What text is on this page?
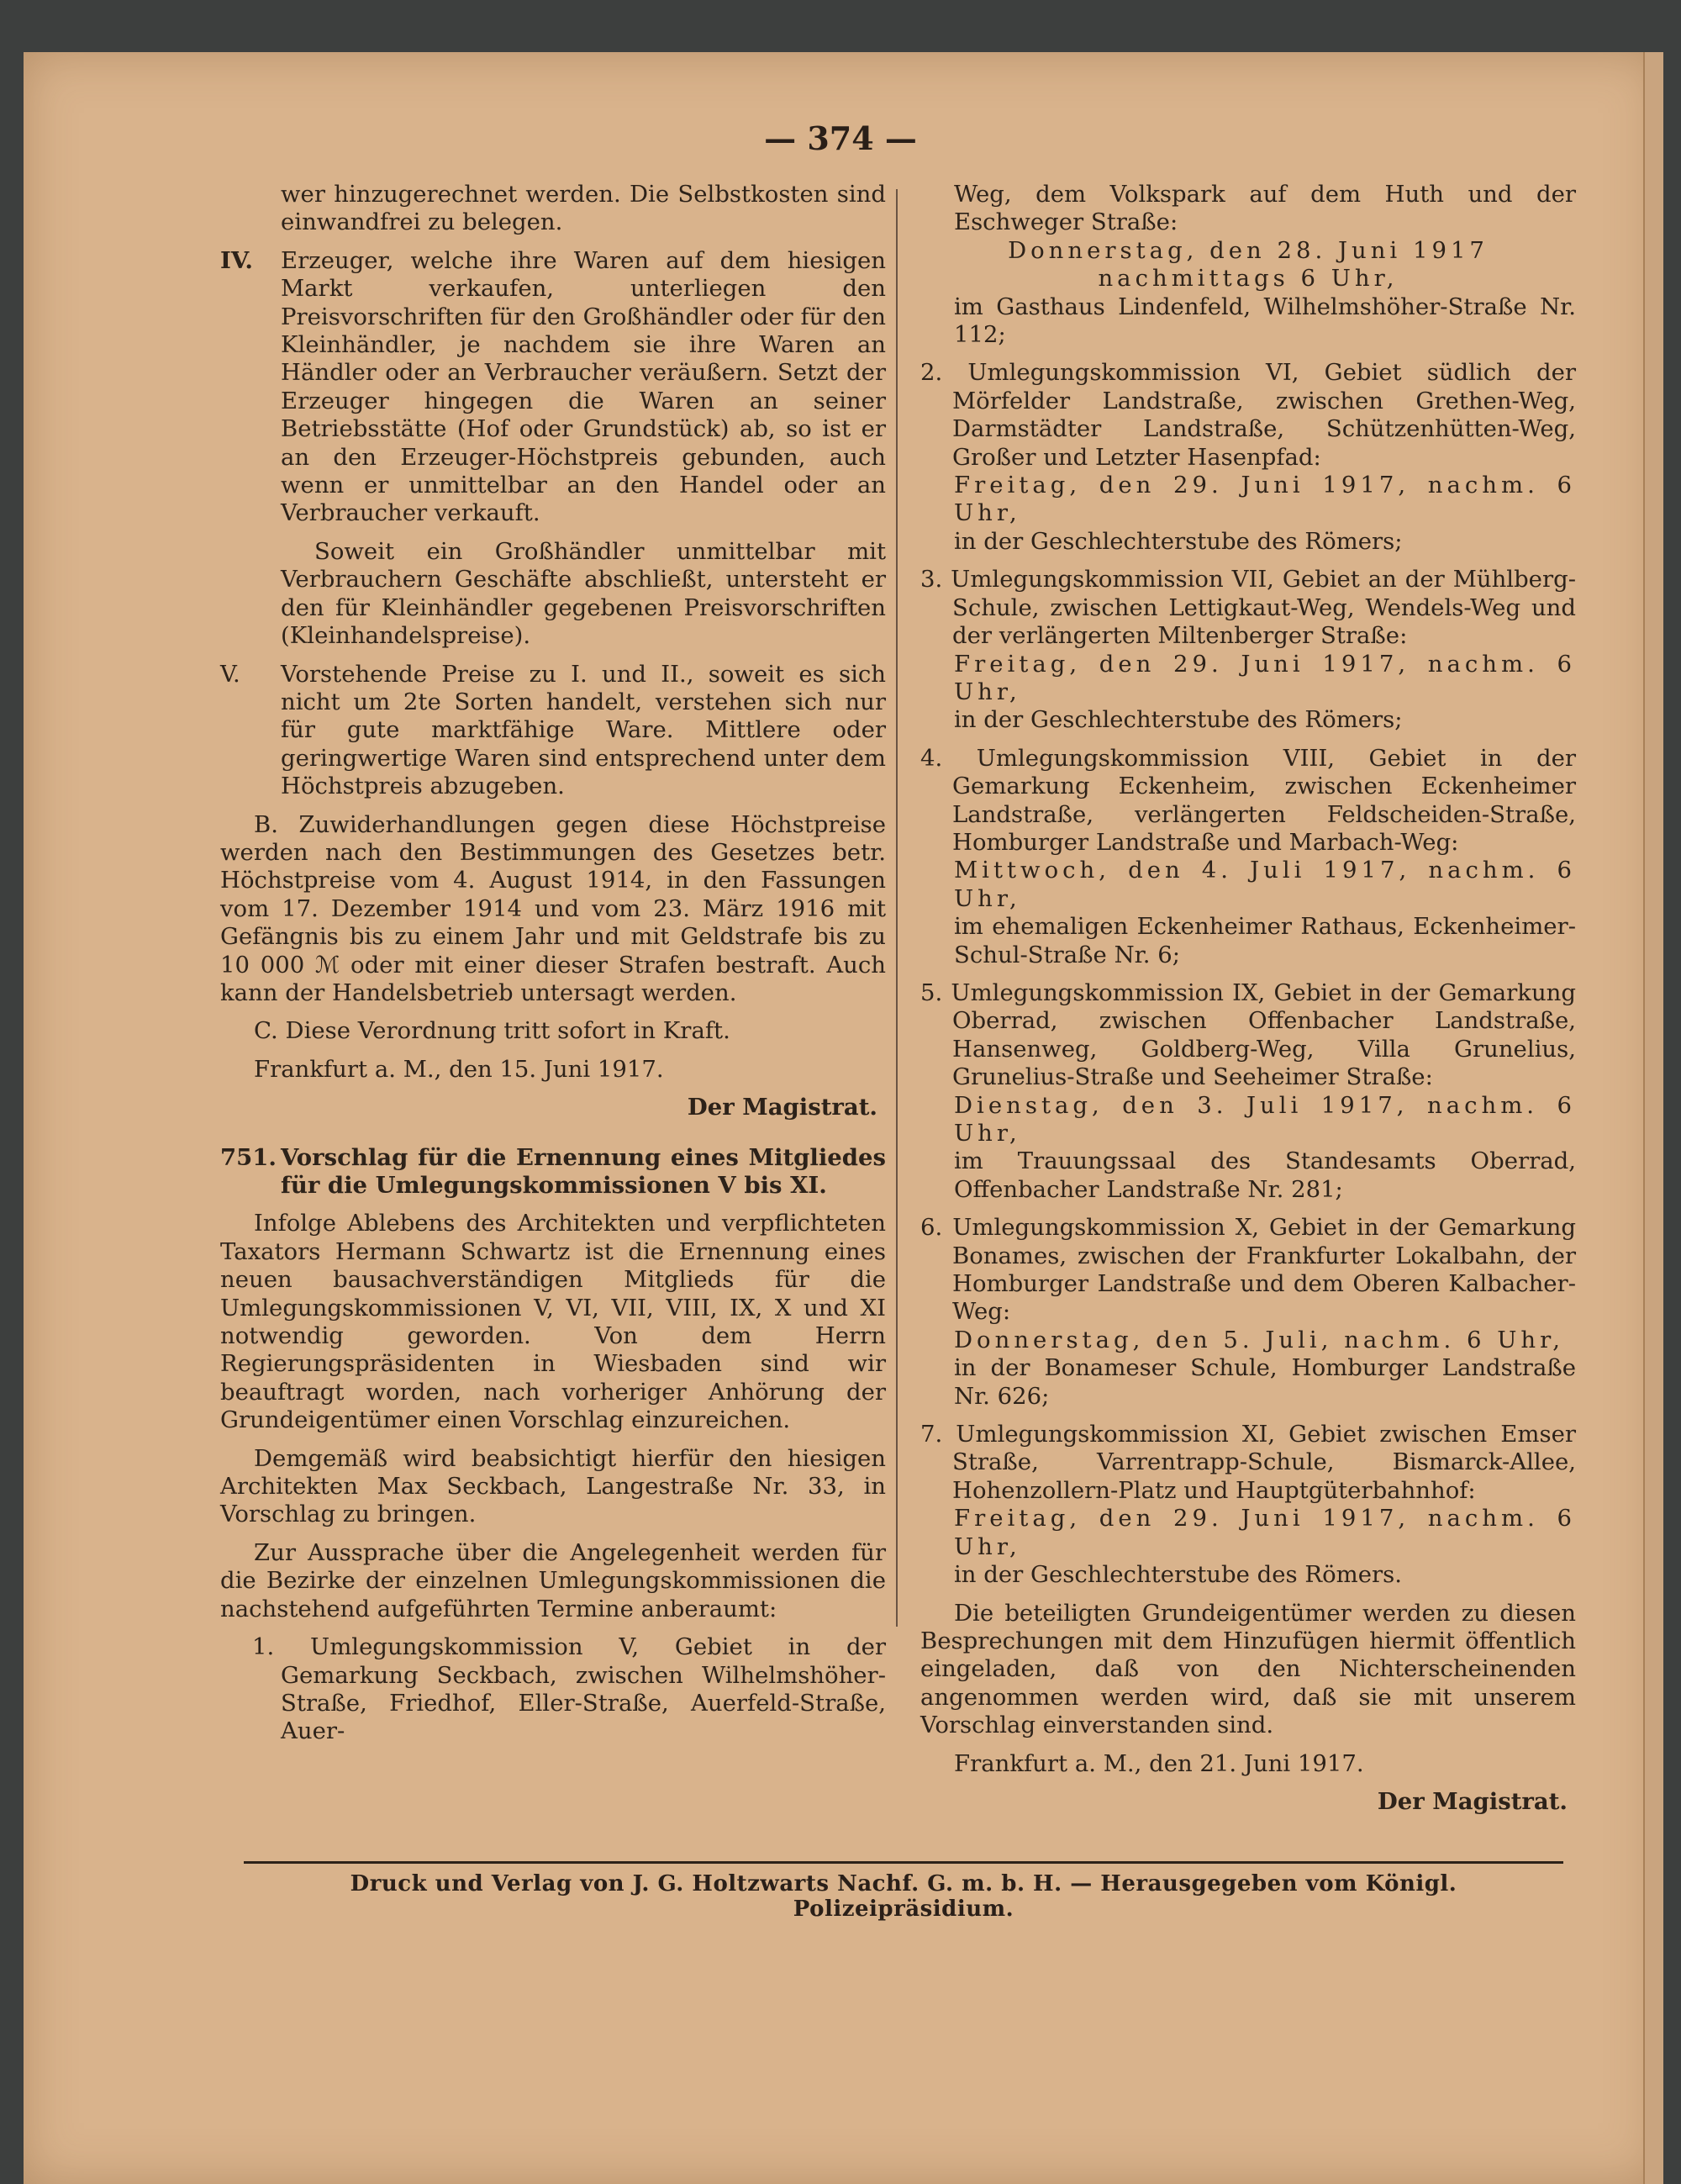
— 374 —

wer hinzugerechnet werden. Die Selbstkosten sind einwandfrei zu belegen.

IV. Erzeuger, welche ihre Waren auf dem hiesigen Markt verkaufen, unterliegen den Preisvorschriften für den Großhändler oder für den Kleinhändler, je nachdem sie ihre Waren an Händler oder an Verbraucher veräußern. Setzt der Erzeuger hingegen die Waren an seiner Betriebsstätte (Hof oder Grundstück) ab, so ist er an den Erzeuger-Höchstpreis gebunden, auch wenn er unmittelbar an den Handel oder an Verbraucher verkauft.

Soweit ein Großhändler unmittelbar mit Verbrauchern Geschäfte abschließt, untersteht er den für Kleinhändler gegebenen Preisvorschriften (Kleinhandelspreise).

V. Vorstehende Preise zu I. und II., soweit es sich nicht um 2te Sorten handelt, verstehen sich nur für gute marktfähige Ware. Mittlere oder geringwertige Waren sind entsprechend unter dem Höchstpreis abzugeben.

B. Zuwiderhandlungen gegen diese Höchstpreise werden nach den Bestimmungen des Gesetzes betr. Höchstpreise vom 4. August 1914, in den Fassungen vom 17. Dezember 1914 und vom 23. März 1916 mit Gefängnis bis zu einem Jahr und mit Geldstrafe bis zu 10 000 ℳ oder mit einer dieser Strafen bestraft. Auch kann der Handelsbetrieb untersagt werden.

C. Diese Verordnung tritt sofort in Kraft.

Frankfurt a. M., den 15. Juni 1917.

Der Magistrat.

751. Vorschlag für die Ernennung eines Mitgliedes für die Umlegungskommissionen V bis XI.

Infolge Ablebens des Architekten und verpflichteten Taxators Hermann Schwartz ist die Ernennung eines neuen bausachverständigen Mitglieds für die Umlegungskommissionen V, VI, VII, VIII, IX, X und XI notwendig geworden. Von dem Herrn Regierungspräsidenten in Wiesbaden sind wir beauftragt worden, nach vorheriger Anhörung der Grundeigentümer einen Vorschlag einzureichen.

Demgemäß wird beabsichtigt hierfür den hiesigen Architekten Max Seckbach, Langestraße Nr. 33, in Vorschlag zu bringen.

Zur Aussprache über die Angelegenheit werden für die Bezirke der einzelnen Umlegungskommissionen die nachstehend aufgeführten Termine anberaumt:

1. Umlegungskommission V, Gebiet in der Gemarkung Seckbach, zwischen Wilhelmshöher-Straße, Friedhof, Eller-Straße, Auerfeld-Straße, Auer-

Weg, dem Volkspark auf dem Huth und der Eschweger Straße:

Donnerstag, den 28. Juni 1917

nachmittags 6 Uhr,

im Gasthaus Lindenfeld, Wilhelmshöher-Straße Nr. 112;

2. Umlegungskommission VI, Gebiet südlich der Mörfelder Landstraße, zwischen Grethen-Weg, Darmstädter Landstraße, Schützenhütten-Weg, Großer und Letzter Hasenpfad:

Freitag, den 29. Juni 1917, nachm. 6 Uhr,

in der Geschlechterstube des Römers;

3. Umlegungskommission VII, Gebiet an der Mühlberg-Schule, zwischen Lettigkaut-Weg, Wendels-Weg und der verlängerten Miltenberger Straße:

Freitag, den 29. Juni 1917, nachm. 6 Uhr,

in der Geschlechterstube des Römers;

4. Umlegungskommission VIII, Gebiet in der Gemarkung Eckenheim, zwischen Eckenheimer Landstraße, verlängerten Feldscheiden-Straße, Homburger Landstraße und Marbach-Weg:

Mittwoch, den 4. Juli 1917, nachm. 6 Uhr,

im ehemaligen Eckenheimer Rathaus, Eckenheimer-Schul-Straße Nr. 6;

5. Umlegungskommission IX, Gebiet in der Gemarkung Oberrad, zwischen Offenbacher Landstraße, Hansenweg, Goldberg-Weg, Villa Grunelius, Grunelius-Straße und Seeheimer Straße:

Dienstag, den 3. Juli 1917, nachm. 6 Uhr,

im Trauungssaal des Standesamts Oberrad, Offenbacher Landstraße Nr. 281;

6. Umlegungskommission X, Gebiet in der Gemarkung Bonames, zwischen der Frankfurter Lokalbahn, der Homburger Landstraße und dem Oberen Kalbacher-Weg:

Donnerstag, den 5. Juli, nachm. 6 Uhr,

in der Bonameser Schule, Homburger Landstraße Nr. 626;

7. Umlegungskommission XI, Gebiet zwischen Emser Straße, Varrentrapp-Schule, Bismarck-Allee, Hohenzollern-Platz und Hauptgüterbahnhof:

Freitag, den 29. Juni 1917, nachm. 6 Uhr,

in der Geschlechterstube des Römers.

Die beteiligten Grundeigentümer werden zu diesen Besprechungen mit dem Hinzufügen hiermit öffentlich eingeladen, daß von den Nichterscheinenden angenommen werden wird, daß sie mit unserem Vorschlag einverstanden sind.

Frankfurt a. M., den 21. Juni 1917.

Der Magistrat.

Druck und Verlag von J. G. Holtzwarts Nachf. G. m. b. H. — Herausgegeben vom Königl. Polizeipräsidium.
